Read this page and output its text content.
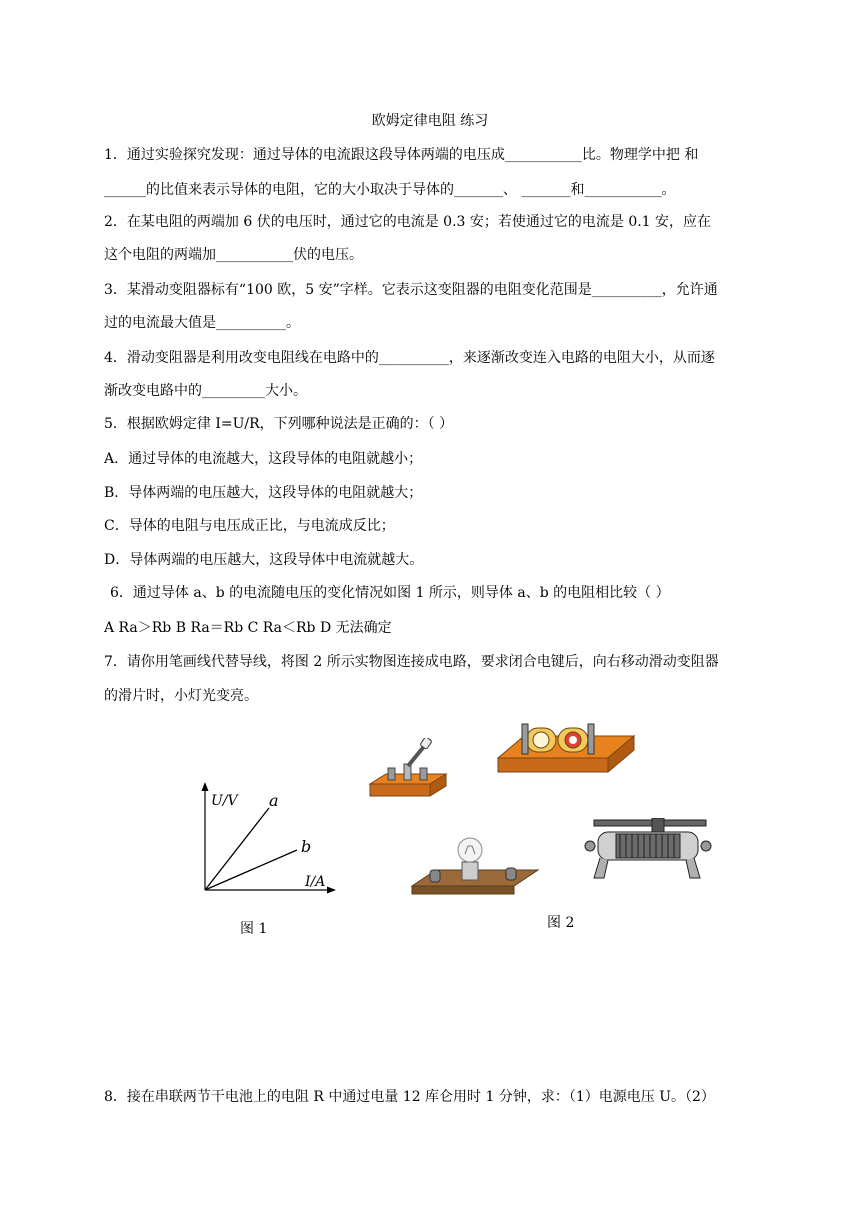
欧姆定律电阻 练习
1．通过实验探究发现：通过导体的电流跟这段导体两端的电压成___________比。物理学中把 和
______的比值来表示导体的电阻，它的大小取决于导体的_______、 _______和___________。
2．在某电阻的两端加 6 伏的电压时，通过它的电流是 0.3 安；若使通过它的电流是 0.1 安，应在
这个电阻的两端加___________伏的电压。
3．某滑动变阻器标有“100 欧，5 安”字样。它表示这变阻器的电阻变化范围是__________，允许通
过的电流最大值是__________。
4．滑动变阻器是利用改变电阻线在电路中的__________，来逐渐改变连入电路的电阻大小，从而逐
渐改变电路中的_________大小。
5．根据欧姆定律 I=U/R，下列哪种说法是正确的：（ ）
A．通过导体的电流越大，这段导体的电阻就越小；
B．导体两端的电压越大，这段导体的电阻就越大；
C．导体的电阻与电压成正比，与电流成反比；
D．导体两端的电压越大，这段导体中电流就越大。
6．通过导体 a、b 的电流随电压的变化情况如图 1 所示，则导体 a、b 的电阻相比较（ ）
A Ra＞Rb B Ra＝Rb C Ra＜Rb D 无法确定
7．请你用笔画线代替导线，将图 2 所示实物图连接成电路，要求闭合电键后，向右移动滑动变阻器
的滑片时，小灯光变亮。
U/V
I/A
a
b
图 1	图 2
8．接在串联两节干电池上的电阻 R 中通过电量 12 库仑用时 1 分钟，求：（1）电源电压 U。（2）
